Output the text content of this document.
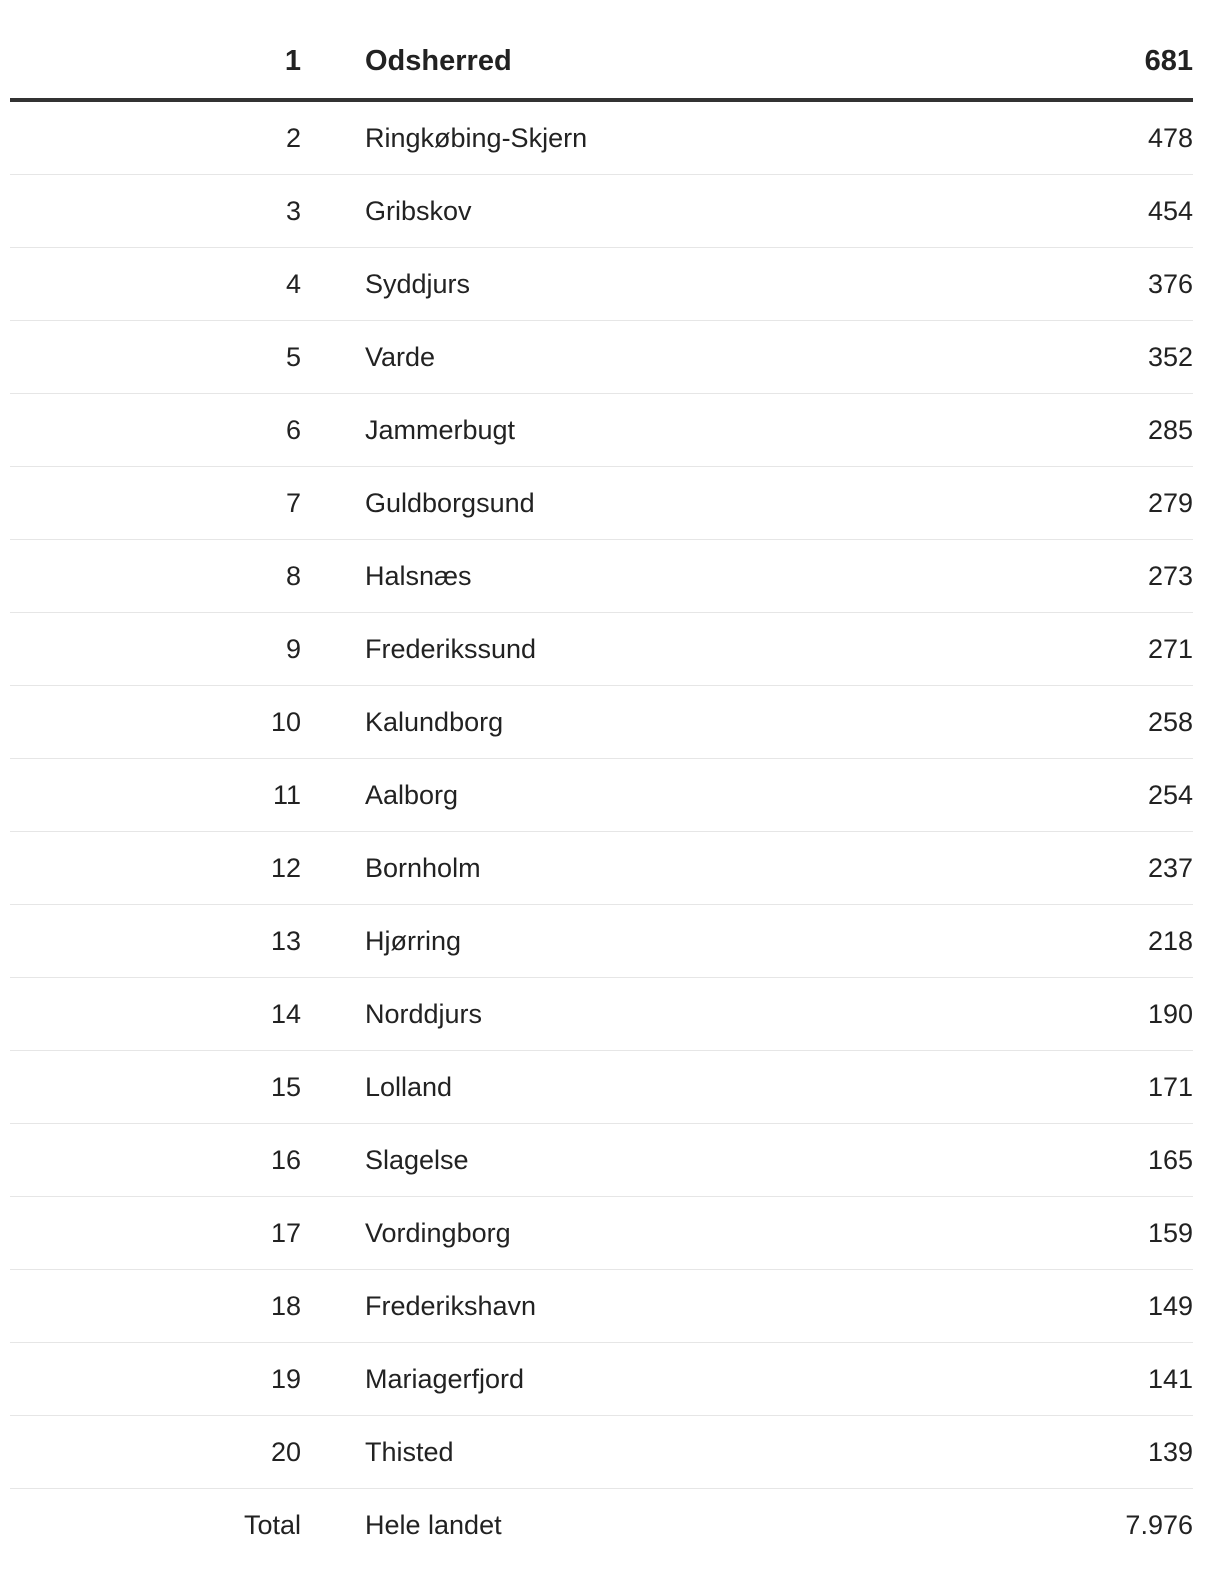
1 Odsherred	681
2 Ringkøbing-Skjern	478
3 Gribskov	454
4 Syddjurs	376
5 Varde	352
6 Jammerbugt	285
7 Guldborgsund	279
8 Halsnæs	273
9 Frederikssund	271
10 Kalundborg	258
11 Aalborg	254
12 Bornholm	237
13 Hjørring	218
14 Norddjurs	190
15 Lolland	171
16 Slagelse	165
17 Vordingborg	159
18 Frederikshavn	149
19 Mariagerfjord	141
20 Thisted	139
Total Hele landet	7.976
